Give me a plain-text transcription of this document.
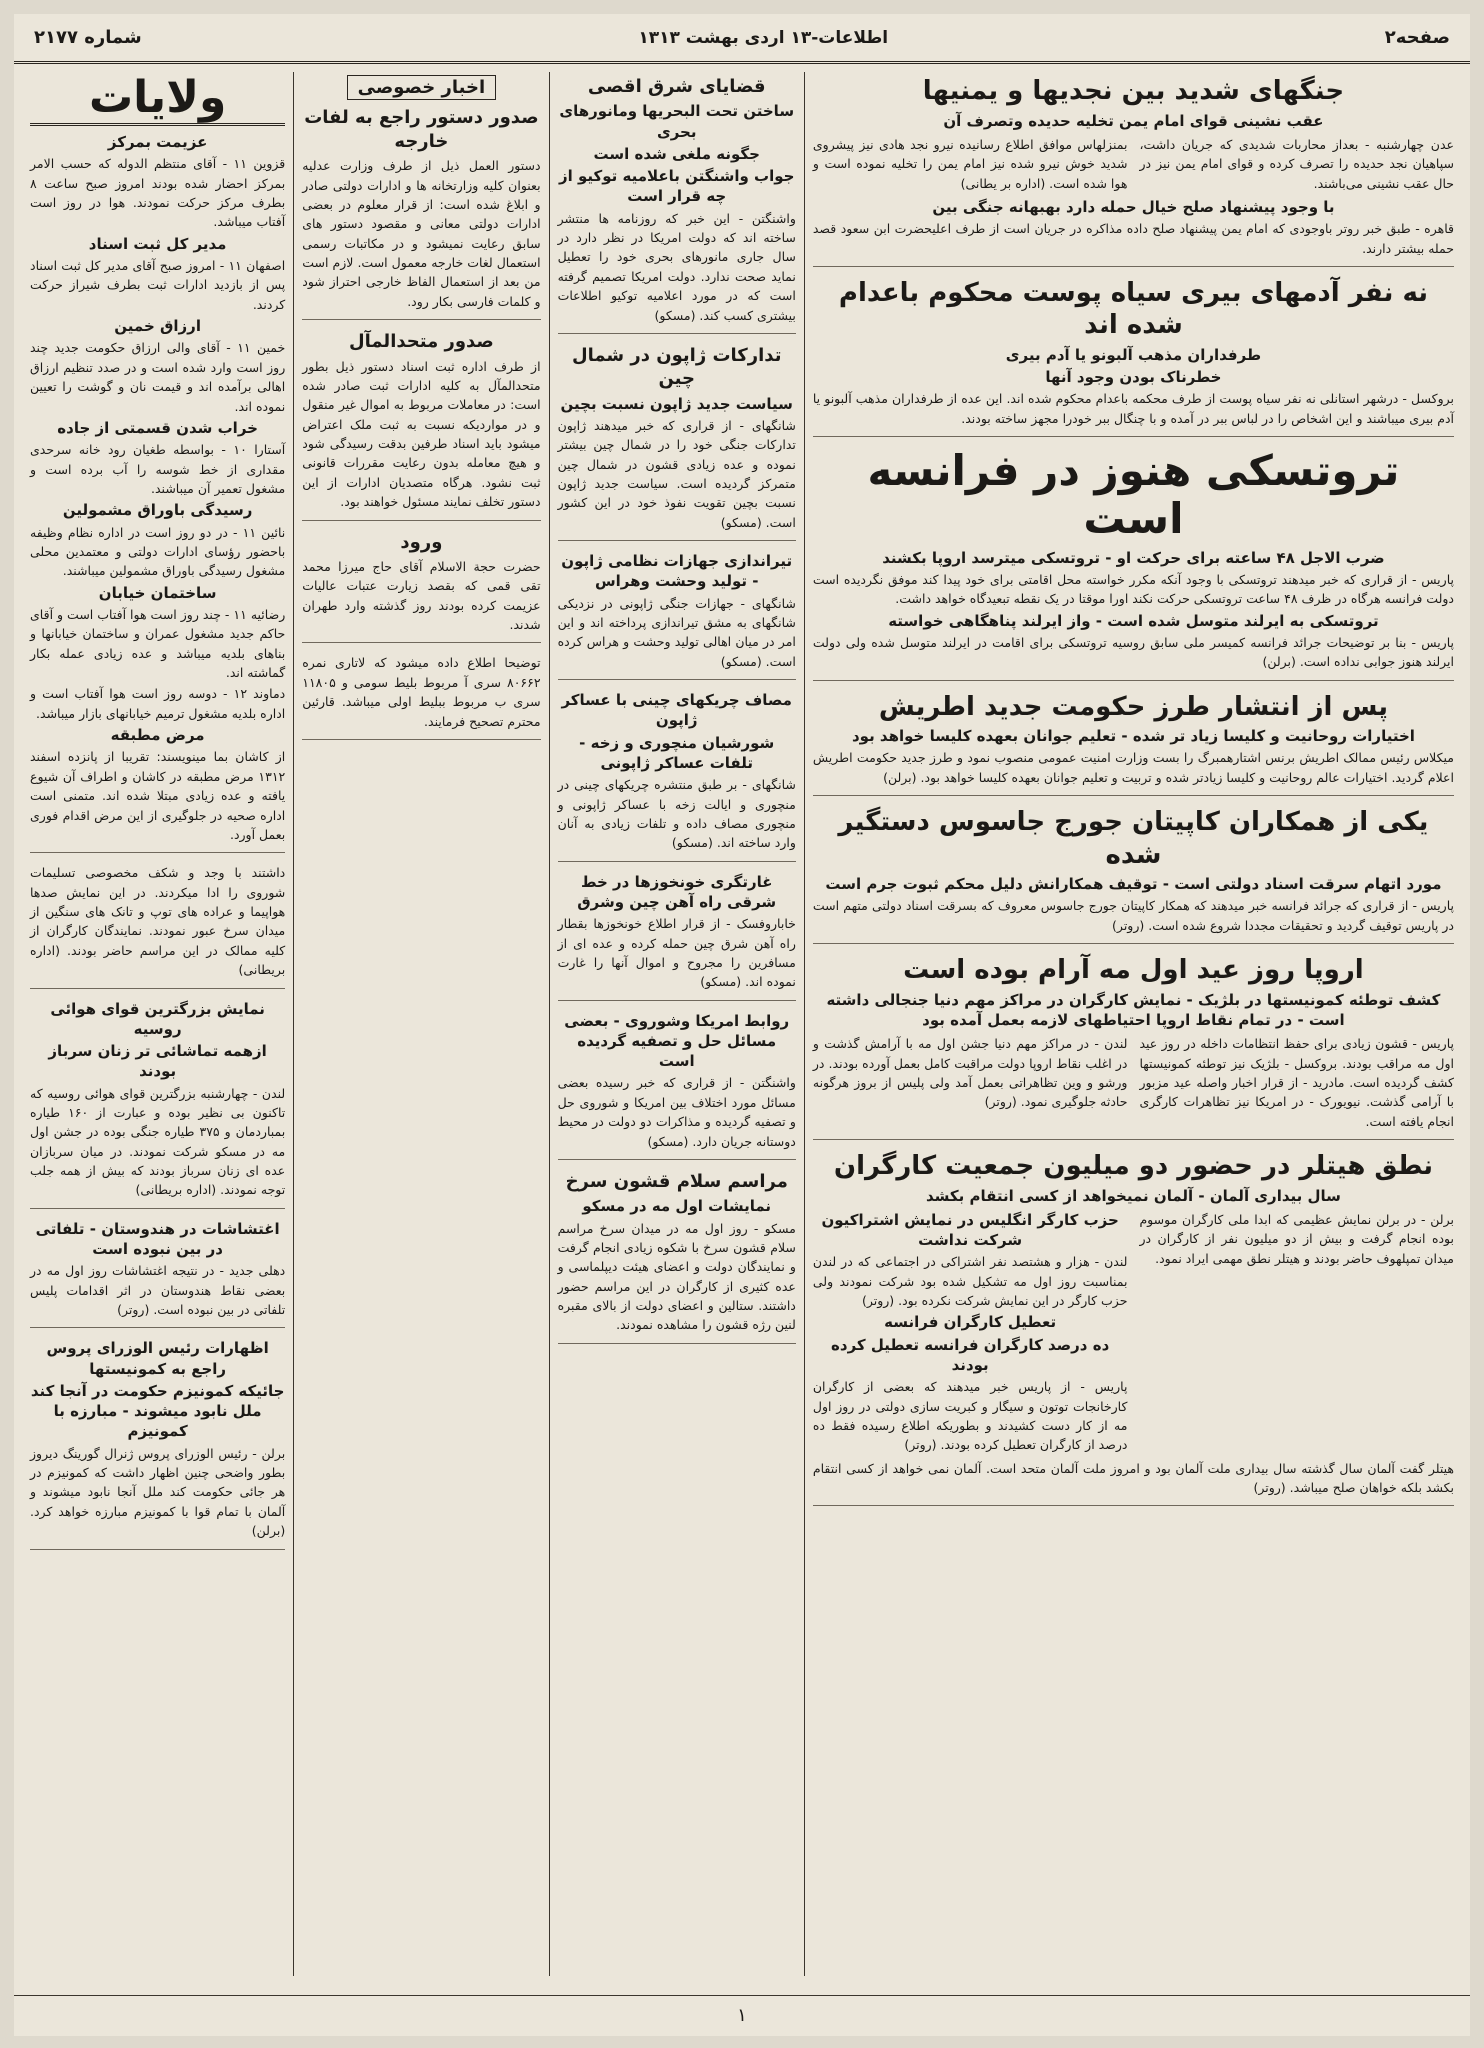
صفحه۲
اطلاعات-۱۳ اردی بهشت ۱۳۱۳
شماره ۲۱۷۷
جنگهای شدید بین نجدیها و یمنیها
عقب نشینی قوای امام یمن تخلیه حدیده وتصرف آن

عدن چهارشنبه - بعداز محاربات شدیدی که جریان داشت، سپاهیان نجد حدیده را تصرف کرده و قوای امام یمن نیز در حال عقب نشینی می‌باشند.

بمنزلهاس موافق اطلاع رسانیده نیرو نجد هادی نیز پیشروی شدید خوش نیرو شده نیز امام یمن را تخلیه نموده است و هوا شده است. (اداره بر یطانی)

با وجود پیشنهاد صلح خیال حمله دارد بهبهانه جنگی بین

قاهره - طبق خبر روتر باوجودی که امام یمن پیشنهاد صلح داده مذاکره در جریان است از طرف اعلیحضرت ابن سعود قصد حمله بیشتر دارند.

نه نفر آدمهای بیری سیاه پوست محکوم باعدام شده اند
طرفداران مذهب آلبونو یا آدم بیری
خطرناک بودن وجود آنها

بروکسل - درشهر استانلی نه نفر سیاه پوست از طرف محکمه باعدام محکوم شده اند. این عده از طرفداران مذهب آلبونو یا آدم بیری میباشند و این اشخاص را در لباس ببر در آمده و با چنگال ببر خودرا مجهز ساخته بودند.

تروتسکی هنوز در فرانسه است
ضرب الاجل ۴۸ ساعته برای حرکت او - تروتسکی میترسد اروپا بکشند

پاریس - از قراری که خبر میدهند تروتسکی با وجود آنکه مکرر خواسته محل اقامتی برای خود پیدا کند موفق نگردیده است دولت فرانسه هرگاه در ظرف ۴۸ ساعت تروتسکی حرکت نکند اورا موقتا در یک نقطه تبعیدگاه خواهد داشت.

تروتسکی به ایرلند متوسل شده است - واز ایرلند پناهگاهی خواسته

پاریس - بنا بر توضیحات جرائد فرانسه کمیسر ملی سابق روسیه تروتسکی برای اقامت در ایرلند متوسل شده ولی دولت ایرلند هنوز جوابی نداده است. (برلن)

پس از انتشار طرز حکومت جدید اطریش
اختیارات روحانیت و کلیسا زیاد تر شده - تعلیم جوانان بعهده کلیسا خواهد بود

میکلاس رئیس ممالک اطریش برنس اشتارهمبرگ را بست وزارت امنیت عمومی منصوب نمود و طرز جدید حکومت اطریش اعلام گردید. اختیارات عالم روحانیت و کلیسا زیادتر شده و تربیت و تعلیم جوانان بعهده کلیسا خواهد بود. (برلن)

یکی از همکاران کاپیتان جورج جاسوس دستگیر شده
مورد اتهام سرقت اسناد دولتی است - توقیف همکارانش دلیل محکم ثبوت جرم است

پاریس - از قراری که جرائد فرانسه خبر میدهند که همکار کاپیتان جورج جاسوس معروف که بسرقت اسناد دولتی متهم است در پاریس توقیف گردید و تحقیقات مجددا شروع شده است. (روتر)

اروپا روز عید اول مه آرام بوده است
کشف توطئه کمونیستها در بلژیک - نمایش کارگران در مراکز مهم دنیا جنجالی داشته است - در تمام نقاط اروپا احتیاطهای لازمه بعمل آمده بود

پاریس - قشون زیادی برای حفظ انتظامات داخله در روز عید اول مه مراقب بودند. بروکسل - بلژیک نیز توطئه کمونیستها کشف گردیده است. مادرید - از قرار اخبار واصله عید مزبور با آرامی گذشت. نیویورک - در امریکا نیز تظاهرات کارگری انجام یافته است.

لندن - در مراکز مهم دنیا جشن اول مه با آرامش گذشت و در اغلب نقاط اروپا دولت مراقبت کامل بعمل آورده بودند. در ورشو و وین تظاهراتی بعمل آمد ولی پلیس از بروز هرگونه حادثه جلوگیری نمود. (روتر)

نطق هیتلر در حضور دو میلیون جمعیت کارگران
سال بیداری آلمان - آلمان نمیخواهد از کسی انتقام بکشد

برلن - در برلن نمایش عظیمی که ابدا ملی کارگران موسوم بوده انجام گرفت و بیش از دو میلیون نفر از کارگران در میدان تمپلهوف حاضر بودند و هیتلر نطق مهمی ایراد نمود.

حزب کارگر انگلیس در نمایش اشتراکیون شرکت نداشت

لندن - هزار و هشتصد نفر اشتراکی در اجتماعی که در لندن بمناسبت روز اول مه تشکیل شده بود شرکت نمودند ولی حزب کارگر در این نمایش شرکت نکرده بود. (روتر)

تعطیل کارگران فرانسه
ده درصد کارگران فرانسه تعطیل کرده بودند

پاریس - از پاریس خبر میدهند که بعضی از کارگران کارخانجات توتون و سیگار و کبریت سازی دولتی در روز اول مه از کار دست کشیدند و بطوریکه اطلاع رسیده فقط ده درصد از کارگران تعطیل کرده بودند. (روتر)

هیتلر گفت آلمان سال گذشته سال بیداری ملت آلمان بود و امروز ملت آلمان متحد است. آلمان نمی خواهد از کسی انتقام بکشد بلکه خواهان صلح میباشد. (روتر)

قضایای شرق اقصی
ساختن تحت البحریها ومانورهای بحری
جگونه ملغی شده است
جواب واشنگتن باعلامیه توکیو از چه قرار است

واشنگتن - این خبر که روزنامه ها منتشر ساخته اند که دولت امریکا در نظر دارد در سال جاری مانورهای بحری خود را تعطیل نماید صحت ندارد. دولت امریکا تصمیم گرفته است که در مورد اعلامیه توکیو اطلاعات بیشتری کسب کند. (مسکو)

تدارکات ژاپون در شمال چین
سیاست جدید ژاپون نسبت بچین

شانگهای - از قراری که خبر میدهند ژاپون تدارکات جنگی خود را در شمال چین بیشتر نموده و عده زیادی قشون در شمال چین متمرکز گردیده است. سیاست جدید ژاپون نسبت بچین تقویت نفوذ خود در این کشور است. (مسکو)

تیراندازی جهازات نظامی ژاپون - تولید وحشت وهراس

شانگهای - جهازات جنگی ژاپونی در نزدیکی شانگهای به مشق تیراندازی پرداخته اند و این امر در میان اهالی تولید وحشت و هراس کرده است. (مسکو)

مصاف چریکهای چینی با عساکر ژاپون
شورشیان منچوری و زخه - تلفات عساکر ژاپونی

شانگهای - بر طبق منتشره چریکهای چینی در منچوری و ایالت زخه با عساکر ژاپونی و منچوری مصاف داده و تلفات زیادی به آنان وارد ساخته اند. (مسکو)

غارتگری خونخوزها در خط شرقی راه آهن چین وشرق

خاباروفسک - از قرار اطلاع خونخوزها بقطار راه آهن شرق چین حمله کرده و عده ای از مسافرین را مجروح و اموال آنها را غارت نموده اند. (مسکو)

روابط امریکا وشوروی - بعضی مسائل حل و تصفیه گردیده است

واشنگتن - از قراری که خبر رسیده بعضی مسائل مورد اختلاف بین امریکا و شوروی حل و تصفیه گردیده و مذاکرات دو دولت در محیط دوستانه جریان دارد. (مسکو)

مراسم سلام قشون سرخ
نمایشات اول مه در مسکو

مسکو - روز اول مه در میدان سرخ مراسم سلام قشون سرخ با شکوه زیادی انجام گرفت و نمایندگان دولت و اعضای هیئت دیپلماسی و عده کثیری از کارگران در این مراسم حضور داشتند. ستالین و اعضای دولت از بالای مقبره لنین رژه قشون را مشاهده نمودند.

اخبار خصوصی
صدور دستور راجع به لفات خارجه

دستور العمل ذیل از طرف وزارت عدلیه بعنوان کلیه وزارتخانه ها و ادارات دولتی صادر و ابلاغ شده است: از قرار معلوم در بعضی ادارات دولتی معانی و مقصود دستور های سابق رعایت نمیشود و در مکاتبات رسمی استعمال لغات خارجه معمول است. لازم است من بعد از استعمال الفاظ خارجی احتراز شود و کلمات فارسی بکار رود.

صدور متحدالمآل

از طرف اداره ثبت اسناد دستور ذیل بطور متحدالمآل به کلیه ادارات ثبت صادر شده است: در معاملات مربوط به اموال غیر منقول و در مواردیکه نسبت به ثبت ملک اعتراض میشود باید اسناد طرفین بدقت رسیدگی شود و هیچ معامله بدون رعایت مقررات قانونی ثبت نشود. هرگاه متصدیان ادارات از این دستور تخلف نمایند مسئول خواهند بود.

ورود

حضرت حجة الاسلام آقای حاج میرزا محمد تقی قمی که بقصد زیارت عتبات عالیات عزیمت کرده بودند روز گذشته وارد طهران شدند.

توضیحا اطلاع داده میشود که لاتاری نمره ۸۰۶۶۲ سری آ مربوط بلیط سومی و ۱۱۸۰۵ سری ب مربوط ببلیط اولی میباشد. قارئین محترم تصحیح فرمایند.

ولایات
عزیمت بمرکز

قزوین ۱۱ - آقای منتظم الدوله که حسب الامر بمرکز احضار شده بودند امروز صبح ساعت ۸ بطرف مرکز حرکت نمودند. هوا در روز است آفتاب میباشد.

مدیر کل ثبت اسناد

اصفهان ۱۱ - امروز صبح آقای مدیر کل ثبت اسناد پس از بازدید ادارات ثبت بطرف شیراز حرکت کردند.

ارزاق خمین

خمین ۱۱ - آقای والی ارزاق حکومت جدید چند روز است وارد شده است و در صدد تنظیم ارزاق اهالی برآمده اند و قیمت نان و گوشت را تعیین نموده اند.

خراب شدن قسمتی از جاده

آستارا ۱۰ - بواسطه طغیان رود خانه سرحدی مقداری از خط شوسه را آب برده است و مشغول تعمیر آن میباشند.

رسیدگی باوراق مشمولین

نائین ۱۱ - در دو روز است در اداره نظام وظیفه باحضور رؤسای ادارات دولتی و معتمدین محلی مشغول رسیدگی باوراق مشمولین میباشند.

ساختمان خیابان

رضائیه ۱۱ - چند روز است هوا آفتاب است و آقای حاکم جدید مشغول عمران و ساختمان خیابانها و بناهای بلدیه میباشد و عده زیادی عمله بکار گماشته اند.

دماوند ۱۲ - دوسه روز است هوا آفتاب است و اداره بلدیه مشغول ترمیم خیابانهای بازار میباشد.

مرض مطبقه

از کاشان بما مینویسند: تقریبا از پانزده اسفند ۱۳۱۲ مرض مطبقه در کاشان و اطراف آن شیوع یافته و عده زیادی مبتلا شده اند. متمنی است اداره صحیه در جلوگیری از این مرض اقدام فوری بعمل آورد.

داشتند با وجد و شکف مخصوصی تسلیمات شوروی را ادا میکردند. در این نمایش صدها هواپیما و عراده های توپ و تانک های سنگین از میدان سرخ عبور نمودند. نمایندگان کارگران از کلیه ممالک در این مراسم حاضر بودند. (اداره بریطانی)

نمایش بزرگترین قوای هوائی روسیه
ازهمه تماشائی تر زنان سرباز بودند

لندن - چهارشنبه بزرگترین قوای هوائی روسیه که تاکنون بی نظیر بوده و عبارت از ۱۶۰ طیاره بمباردمان و ۳۷۵ طیاره جنگی بوده در جشن اول مه در مسکو شرکت نمودند. در میان سربازان عده ای زنان سرباز بودند که بیش از همه جلب توجه نمودند. (اداره بریطانی)

اغتشاشات در هندوستان - تلفاتی در بین نبوده است

دهلی جدید - در نتیجه اغتشاشات روز اول مه در بعضی نقاط هندوستان در اثر اقدامات پلیس تلفاتی در بین نبوده است. (روتر)

اظهارات رئیس الوزرای پروس راجع به کمونیستها
جائیکه کمونیزم حکومت در آنجا کند ملل نابود میشوند - مبارزه با کمونیزم

برلن - رئیس الوزرای پروس ژنرال گورینگ دیروز بطور واضحی چنین اظهار داشت که کمونیزم در هر جائی حکومت کند ملل آنجا نابود میشوند و آلمان با تمام قوا با کمونیزم مبارزه خواهد کرد. (برلن)

۱
